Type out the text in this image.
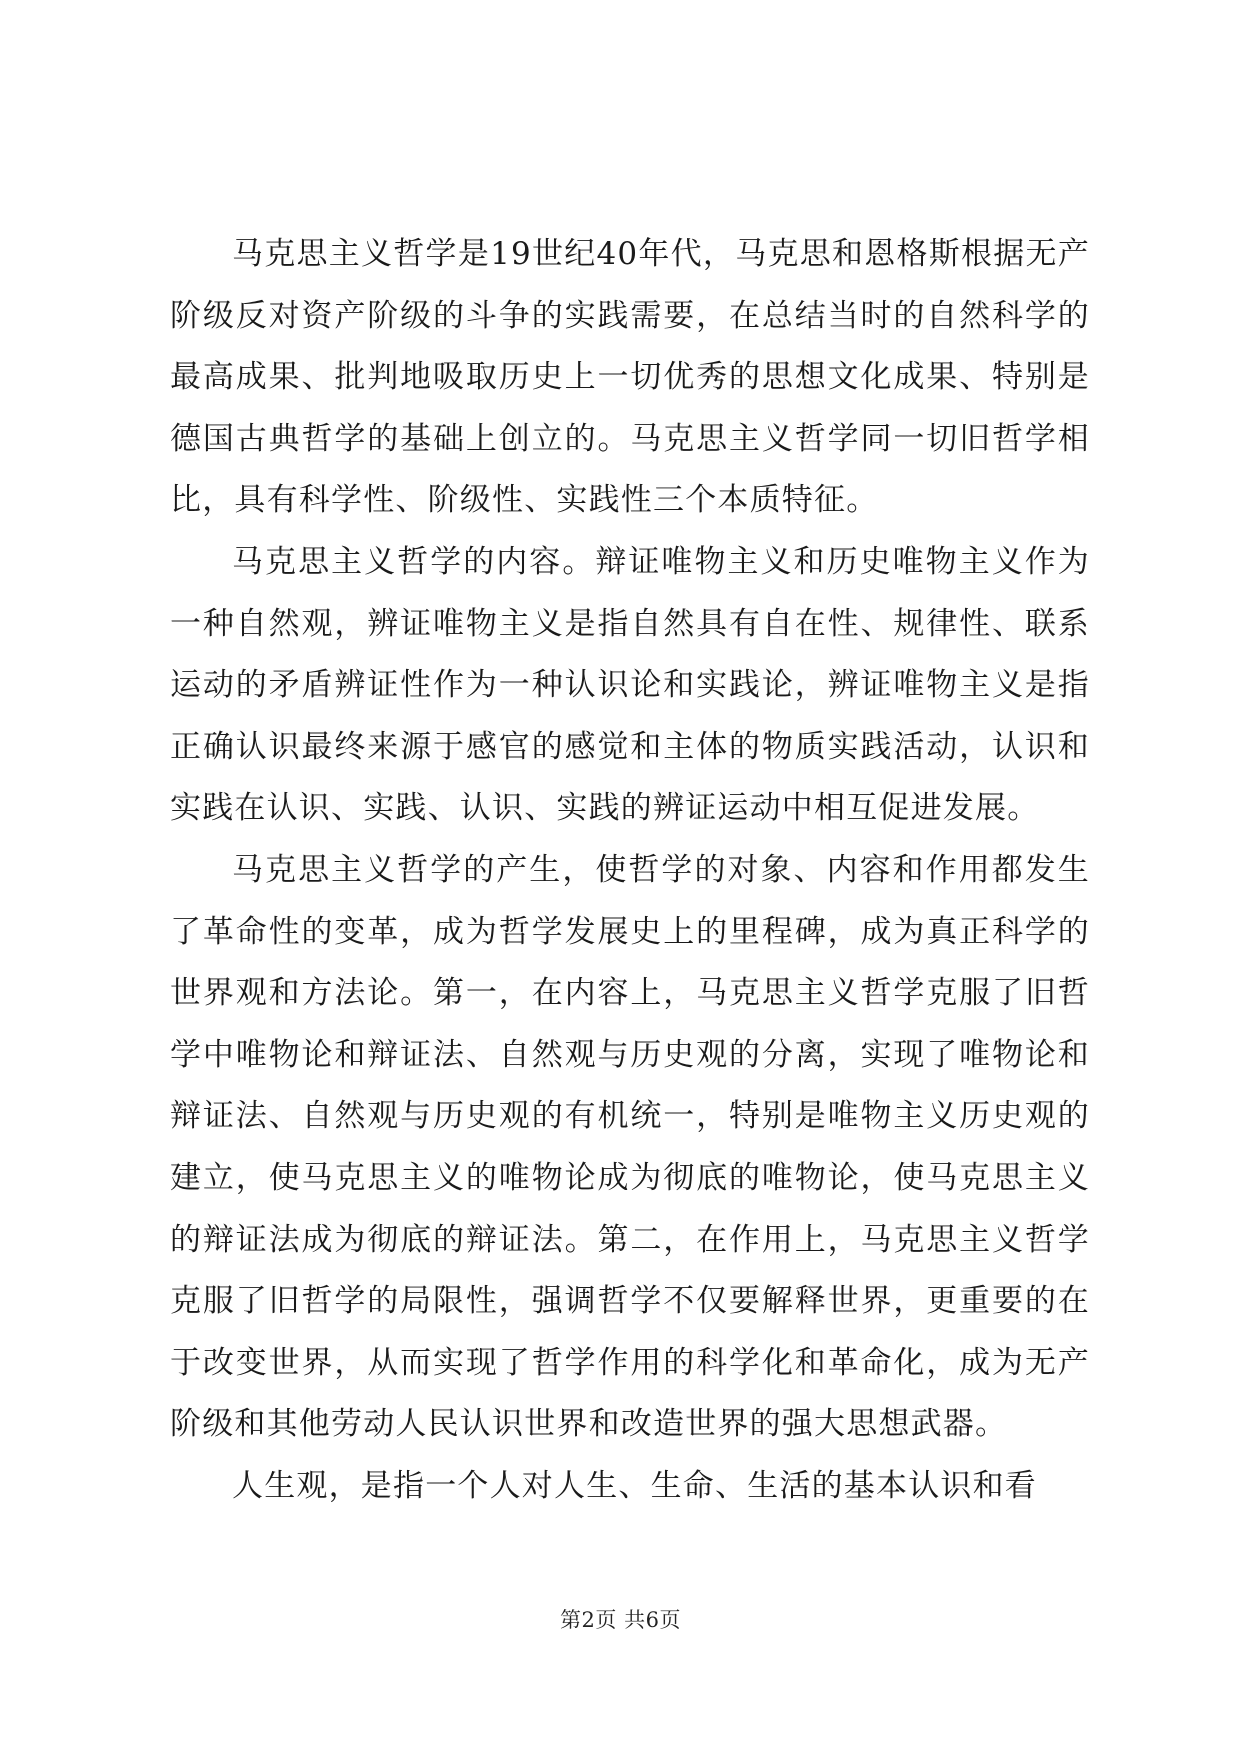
马克思主义哲学是19世纪40年代，马克思和恩格斯根据无产阶级反对资产阶级的斗争的实践需要，在总结当时的自然科学的最高成果、批判地吸取历史上一切优秀的思想文化成果、特别是德国古典哲学的基础上创立的。马克思主义哲学同一切旧哲学相比，具有科学性、阶级性、实践性三个本质特征。

马克思主义哲学的内容。辩证唯物主义和历史唯物主义作为一种自然观，辨证唯物主义是指自然具有自在性、规律性、联系运动的矛盾辨证性作为一种认识论和实践论，辨证唯物主义是指正确认识最终来源于感官的感觉和主体的物质实践活动，认识和实践在认识、实践、认识、实践的辨证运动中相互促进发展。

马克思主义哲学的产生，使哲学的对象、内容和作用都发生了革命性的变革，成为哲学发展史上的里程碑，成为真正科学的世界观和方法论。第一，在内容上，马克思主义哲学克服了旧哲学中唯物论和辩证法、自然观与历史观的分离，实现了唯物论和辩证法、自然观与历史观的有机统一，特别是唯物主义历史观的建立，使马克思主义的唯物论成为彻底的唯物论，使马克思主义的辩证法成为彻底的辩证法。第二，在作用上，马克思主义哲学克服了旧哲学的局限性，强调哲学不仅要解释世界，更重要的在于改变世界，从而实现了哲学作用的科学化和革命化，成为无产阶级和其他劳动人民认识世界和改造世界的强大思想武器。

人生观，是指一个人对人生、生命、生活的基本认识和看

第2页 共6页
